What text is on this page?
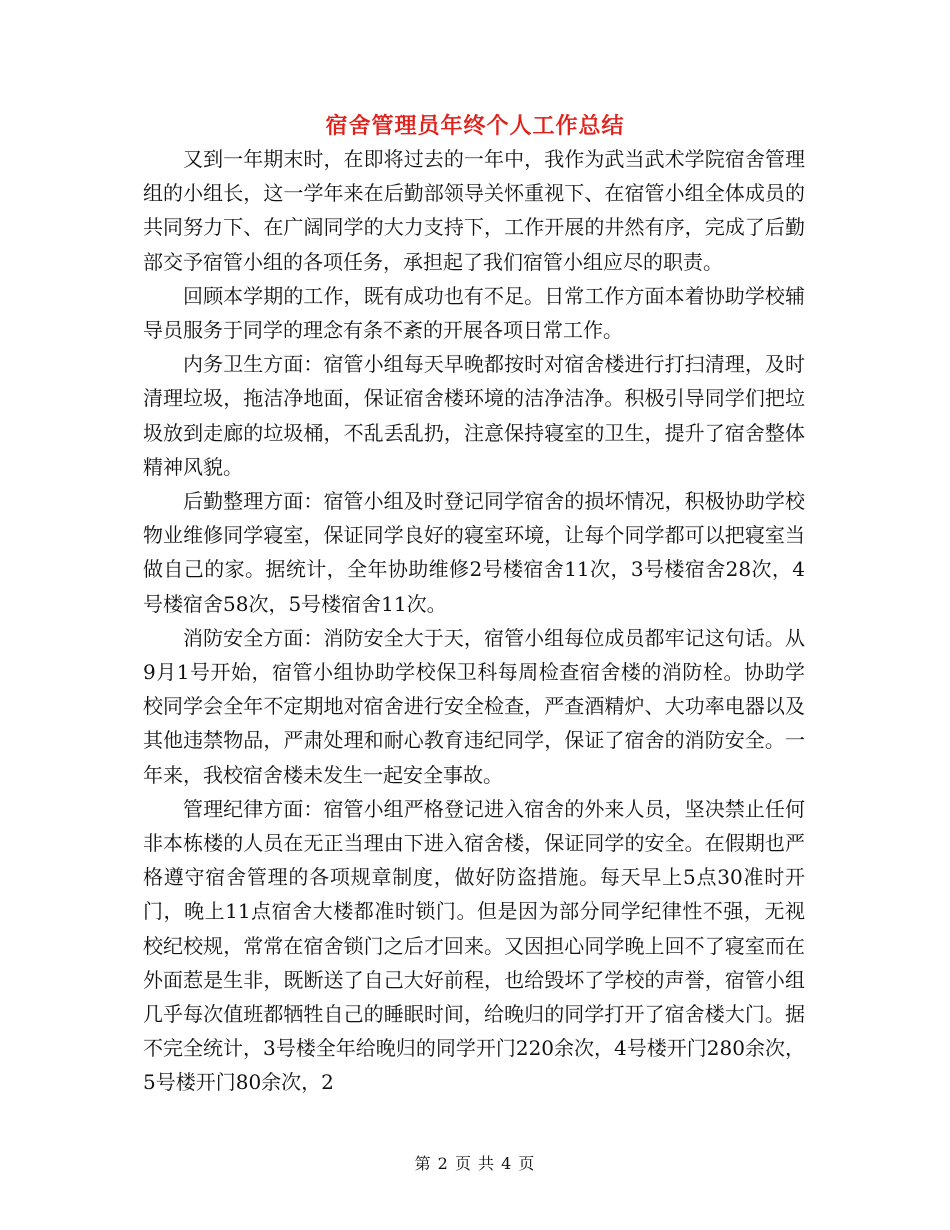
宿舍管理员年终个人工作总结

又到一年期末时，在即将过去的一年中，我作为武当武术学院宿舍管理组的小组长，这一学年来在后勤部领导关怀重视下、在宿管小组全体成员的共同努力下、在广阔同学的大力支持下，工作开展的井然有序，完成了后勤部交予宿管小组的各项任务，承担起了我们宿管小组应尽的职责。

回顾本学期的工作，既有成功也有不足。日常工作方面本着协助学校辅导员服务于同学的理念有条不紊的开展各项日常工作。

内务卫生方面：宿管小组每天早晚都按时对宿舍楼进行打扫清理，及时清理垃圾，拖洁净地面，保证宿舍楼环境的洁净洁净。积极引导同学们把垃圾放到走廊的垃圾桶，不乱丢乱扔，注意保持寝室的卫生，提升了宿舍整体精神风貌。

后勤整理方面：宿管小组及时登记同学宿舍的损坏情况，积极协助学校物业维修同学寝室，保证同学良好的寝室环境，让每个同学都可以把寝室当做自己的家。据统计，全年协助维修2号楼宿舍11次，3号楼宿舍28次，4号楼宿舍58次，5号楼宿舍11次。

消防安全方面：消防安全大于天，宿管小组每位成员都牢记这句话。从9月1号开始，宿管小组协助学校保卫科每周检查宿舍楼的消防栓。协助学校同学会全年不定期地对宿舍进行安全检查，严查酒精炉、大功率电器以及其他违禁物品，严肃处理和耐心教育违纪同学，保证了宿舍的消防安全。一年来，我校宿舍楼未发生一起安全事故。

管理纪律方面：宿管小组严格登记进入宿舍的外来人员，坚决禁止任何非本栋楼的人员在无正当理由下进入宿舍楼，保证同学的安全。在假期也严格遵守宿舍管理的各项规章制度，做好防盗措施。每天早上5点30准时开门，晚上11点宿舍大楼都准时锁门。但是因为部分同学纪律性不强，无视校纪校规，常常在宿舍锁门之后才回来。又因担心同学晚上回不了寝室而在外面惹是生非，既断送了自己大好前程，也给毁坏了学校的声誉，宿管小组几乎每次值班都牺牲自己的睡眠时间，给晚归的同学打开了宿舍楼大门。据不完全统计，3号楼全年给晚归的同学开门220余次，4号楼开门280余次，5号楼开门80余次，2

第 2 页 共 4 页
